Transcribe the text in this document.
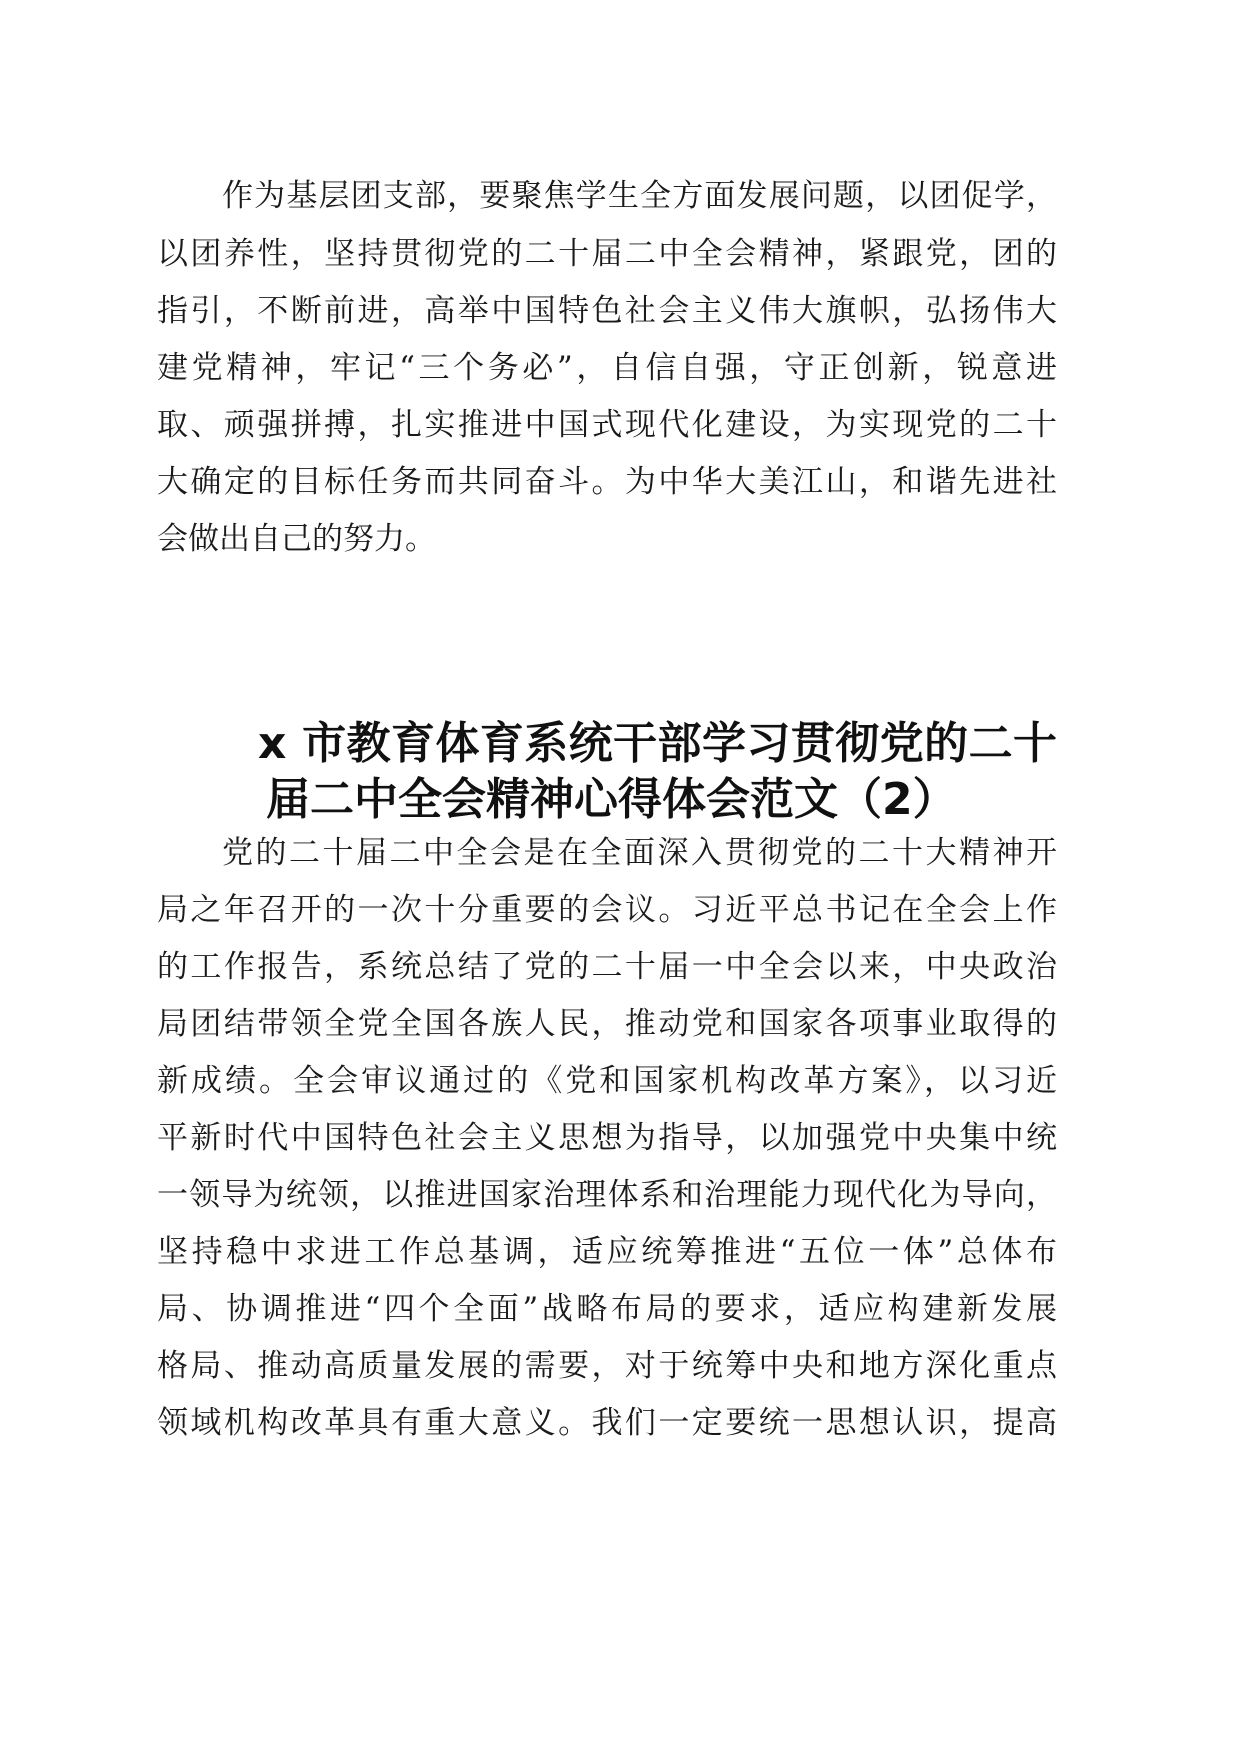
作为基层团支部，要聚焦学生全方面发展问题，以团促学，

以团养性，坚持贯彻党的二十届二中全会精神，紧跟党，团的

指引，不断前进，高举中国特色社会主义伟大旗帜，弘扬伟大

建党精神，牢记“三个务必”，自信自强，守正创新，锐意进

取、顽强拼搏，扎实推进中国式现代化建设，为实现党的二十

大确定的目标任务而共同奋斗。为中华大美江山，和谐先进社

会做出自己的努力。

x 市教育体育系统干部学习贯彻党的二十
届二中全会精神心得体会范文（2）

党的二十届二中全会是在全面深入贯彻党的二十大精神开

局之年召开的一次十分重要的会议。习近平总书记在全会上作

的工作报告，系统总结了党的二十届一中全会以来，中央政治

局团结带领全党全国各族人民，推动党和国家各项事业取得的

新成绩。全会审议通过的《党和国家机构改革方案》，以习近

平新时代中国特色社会主义思想为指导，以加强党中央集中统

一领导为统领，以推进国家治理体系和治理能力现代化为导向，

坚持稳中求进工作总基调，适应统筹推进“五位一体”总体布

局、协调推进“四个全面”战略布局的要求，适应构建新发展

格局、推动高质量发展的需要，对于统筹中央和地方深化重点

领域机构改革具有重大意义。我们一定要统一思想认识，提高
